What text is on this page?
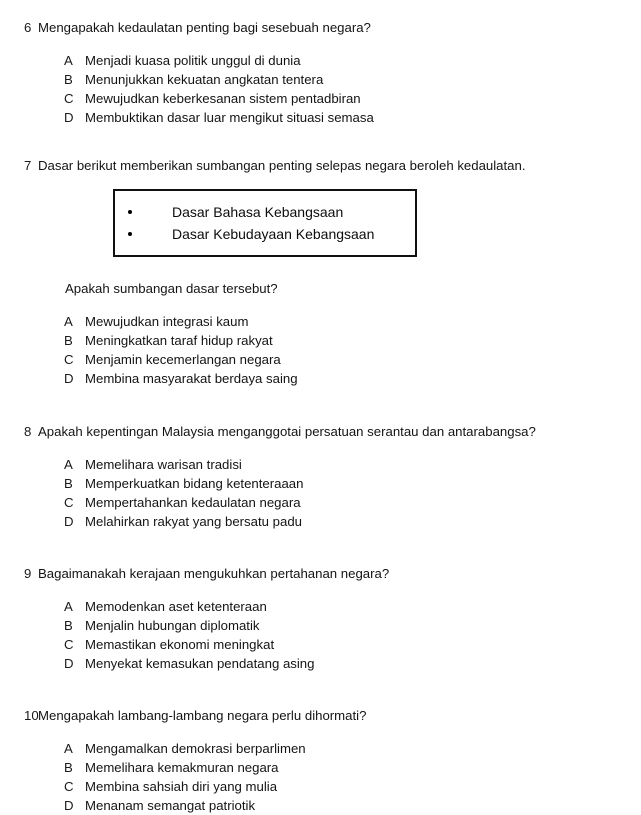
6 Mengapakah kedaulatan penting bagi sesebuah negara?
A Menjadi kuasa politik unggul di dunia
B Menunjukkan kekuatan angkatan tentera
C Mewujudkan keberkesanan sistem pentadbiran
D Membuktikan dasar luar mengikut situasi semasa
7 Dasar berikut memberikan sumbangan penting selepas negara beroleh kedaulatan.
Dasar Bahasa Kebangsaan
Dasar Kebudayaan Kebangsaan
Apakah sumbangan dasar tersebut?
A Mewujudkan integrasi kaum
B Meningkatkan taraf hidup rakyat
C Menjamin kecemerlangan negara
D Membina masyarakat berdaya saing
8 Apakah kepentingan Malaysia menganggotai persatuan serantau dan antarabangsa?
A Memelihara warisan tradisi
B Memperkuatkan bidang ketenteraaan
C Mempertahankan kedaulatan negara
D Melahirkan rakyat yang bersatu padu
9 Bagaimanakah kerajaan mengukuhkan pertahanan negara?
A Memodenkan aset ketenteraan
B Menjalin hubungan diplomatik
C Memastikan ekonomi meningkat
D Menyekat kemasukan pendatang asing
10 Mengapakah lambang-lambang negara perlu dihormati?
A Mengamalkan demokrasi berparlimen
B Memelihara kemakmuran negara
C Membina sahsiah diri yang mulia
D Menanam semangat patriotik
